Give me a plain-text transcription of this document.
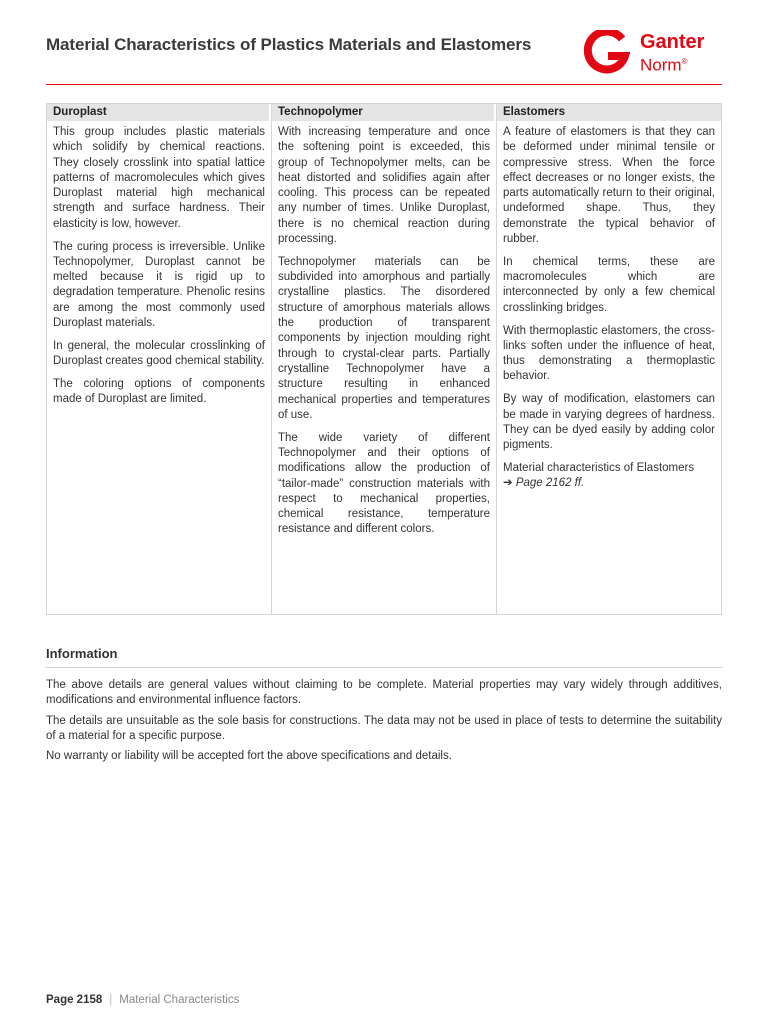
Material Characteristics of Plastics Materials and Elastomers	Ganter
Norm®
Duroplast

This group includes plastic materials which solidify by chemical reactions. They closely crosslink into spatial lattice patterns of macromolecules which gives Duroplast material high mechanical strength and surface hardness. Their elasticity is low, however.

The curing process is irreversible. Unlike Technopolymer, Duroplast cannot be melted because it is rigid up to degradation temperature. Phenolic resins are among the most commonly used Duroplast materials.

In general, the molecular crosslinking of Duroplast creates good chemical stability.

The coloring options of components made of Duroplast are limited.

Technopolymer

With increasing temperature and once the softening point is exceeded, this group of Technopolymer melts, can be heat distorted and solidifies again after cooling. This process can be repeated any number of times. Unlike Duroplast, there is no chemical reaction during processing.

Technopolymer materials can be subdivided into amorphous and partially crystalline plastics. The disordered structure of amorphous materials allows the production of transparent components by injection moulding right through to crystal-clear parts. Partially crystalline Technopolymer have a structure resulting in enhanced mechanical properties and temperatures of use.

The wide variety of different Technopolymer and their options of modifications allow the production of “tailor-made” construction materials with respect to mechanical properties, chemical resistance, temperature resistance and different colors.

Elastomers

A feature of elastomers is that they can be deformed under minimal tensile or compressive stress. When the force effect decreases or no longer exists, the parts automatically return to their original, undeformed shape. Thus, they demonstrate the typical behavior of rubber.

In chemical terms, these are macromolecules which are interconnected by only a few chemical crosslinking bridges.

With thermoplastic elastomers, the cross-links soften under the influence of heat, thus demonstrating a thermoplastic behavior.

By way of modification, elastomers can be made in varying degrees of hardness. They can be dyed easily by adding color pigments.

Material characteristics of Elastomers
➔ Page 2162 ff.

Information

The above details are general values without claiming to be complete. Material properties may vary widely through additives, modifications and environmental influence factors.

The details are unsuitable as the sole basis for constructions. The data may not be used in place of tests to determine the suitability of a material for a specific purpose.

No warranty or liability will be accepted fort the above specifications and details.

Page 2158 | Material Characteristics
